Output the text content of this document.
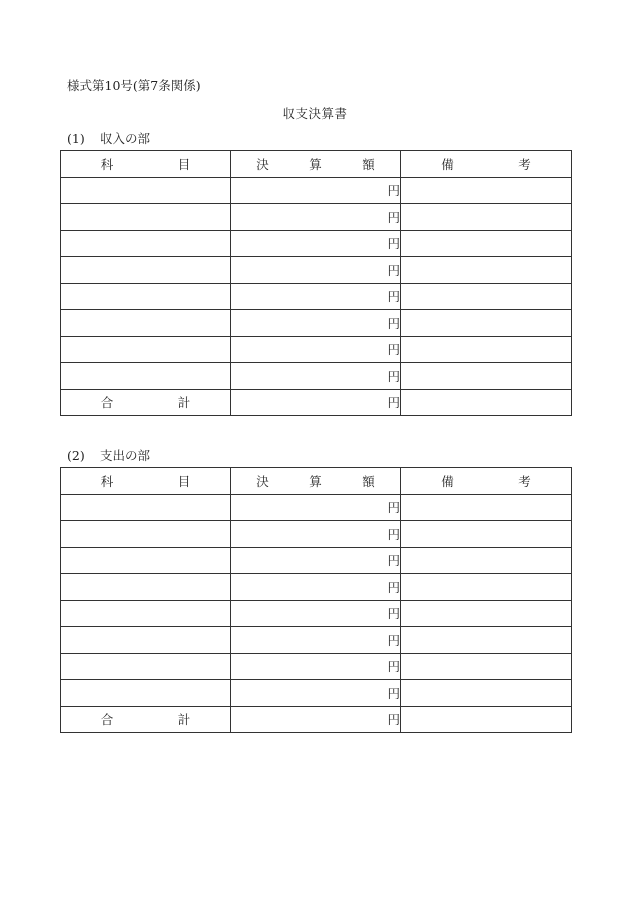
様式第10号(第7条関係)
収支決算書
(1) 収入の部
科　目	決　算　額	備　考
	円	
	円	
	円	
	円	
	円	
	円	
	円	
	円	
合　計	円	
(2) 支出の部
科　目	決　算　額	備　考
	円	
	円	
	円	
	円	
	円	
	円	
	円	
	円	
合　計	円	
